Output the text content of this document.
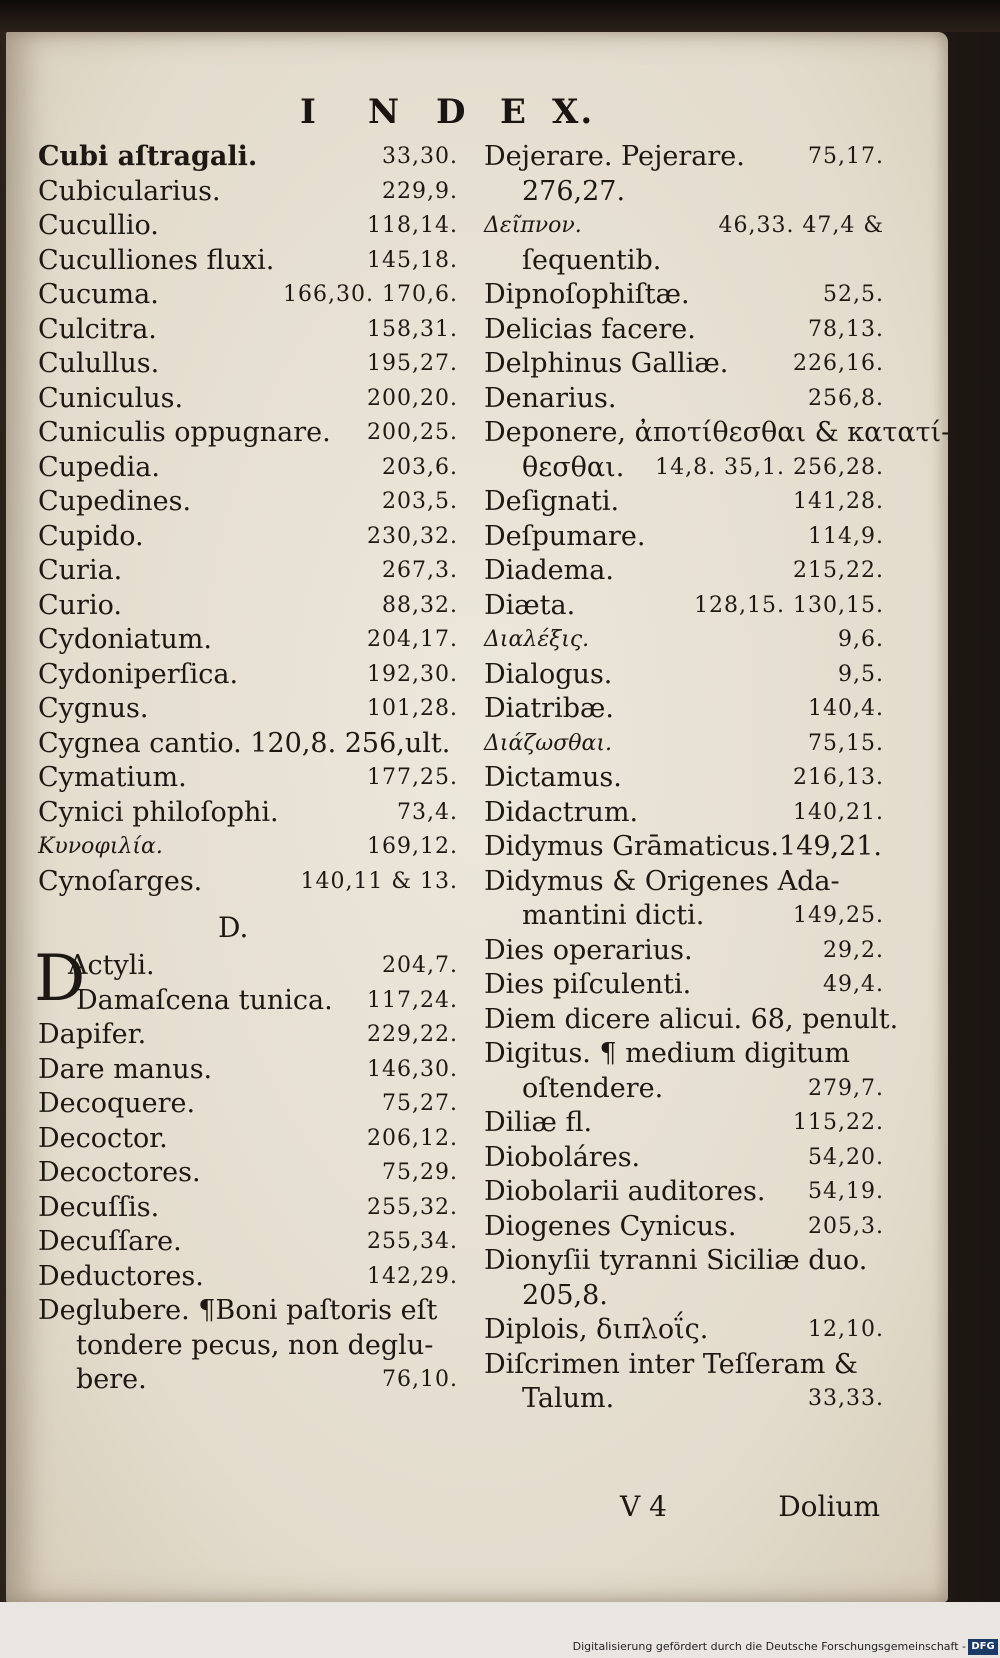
I N D E X.
Cubi aſtragali.	33,30.
Cubicularius.	229,9.
Cucullio.	118,14.
Cuculliones fluxi.	145,18.
Cucuma.	166,30. 170,6.
Culcitra.	158,31.
Culullus.	195,27.
Cuniculus.	200,20.
Cuniculis oppugnare. 200,25.
Cupedia.	203,6.
Cupedines.	203,5.
Cupido.	230,32.
Curia.	267,3.
Curio.	88,32.
Cydoniatum.	204,17.
Cydoniperſica.	192,30.
Cygnus.	101,28.
Cygnea cantio. 120,8. 256,ult.
Cymatium.	177,25.
Cynici philoſophi.	73,4.
Κυνοφιλία.	169,12.
Cynoſarges.	140,11 & 13.
D.
Actyli.	204,7.
D
Damaſcena tunica. 117,24.
Dapifer.	229,22.
Dare manus.	146,30.
Decoquere.	75,27.
Decoctor.	206,12.
Decoctores.	75,29.
Decuſſis.	255,32.
Decuſſare.	255,34.
Deductores.	142,29.
Deglubere. ¶Boni paſtoris eſt
tondere pecus, non deglu-
bere.	76,10.
Dejerare. Pejerare.	75,17.
276,27.
Δεῖπνον.	46,33. 47,4 &
ſequentib.
Dipnoſophiſtæ.	52,5.
Delicias facere.	78,13.
Delphinus Galliæ.	226,16.
Denarius.	256,8.
Deponere, ἀποτίθεσθαι & κατατί-
θεσθαι. 14,8. 35,1. 256,28.
Deſignati.	141,28.
Deſpumare.	114,9.
Diadema.	215,22.
Diæta.	128,15. 130,15.
Διαλέξις.	9,6.
Dialogus.	9,5.
Diatribæ.	140,4.
Διάζωσθαι.	75,15.
Dictamus.	216,13.
Didactrum.	140,21.
Didymus Grāmaticus.149,21.
Didymus & Origenes Ada-
mantini dicti.	149,25.
Dies operarius.	29,2.
Dies piſculenti.	49,4.
Diem dicere alicui. 68, penult.
Digitus. ¶ medium digitum
oſtendere.	279,7.
Diliæ fl.	115,22.
Dioboláres.	54,20.
Diobolarii auditores. 54,19.
Diogenes Cynicus.	205,3.
Dionyſii tyranni Siciliæ duo.
205,8.
Diplois, διπλοΐς.	12,10.
Diſcrimen inter Teſſeram &
Talum.	33,33.
V 4	Dolium
Digitalisierung gefördert durch die Deutsche Forschungsgemeinschaft - DFG
